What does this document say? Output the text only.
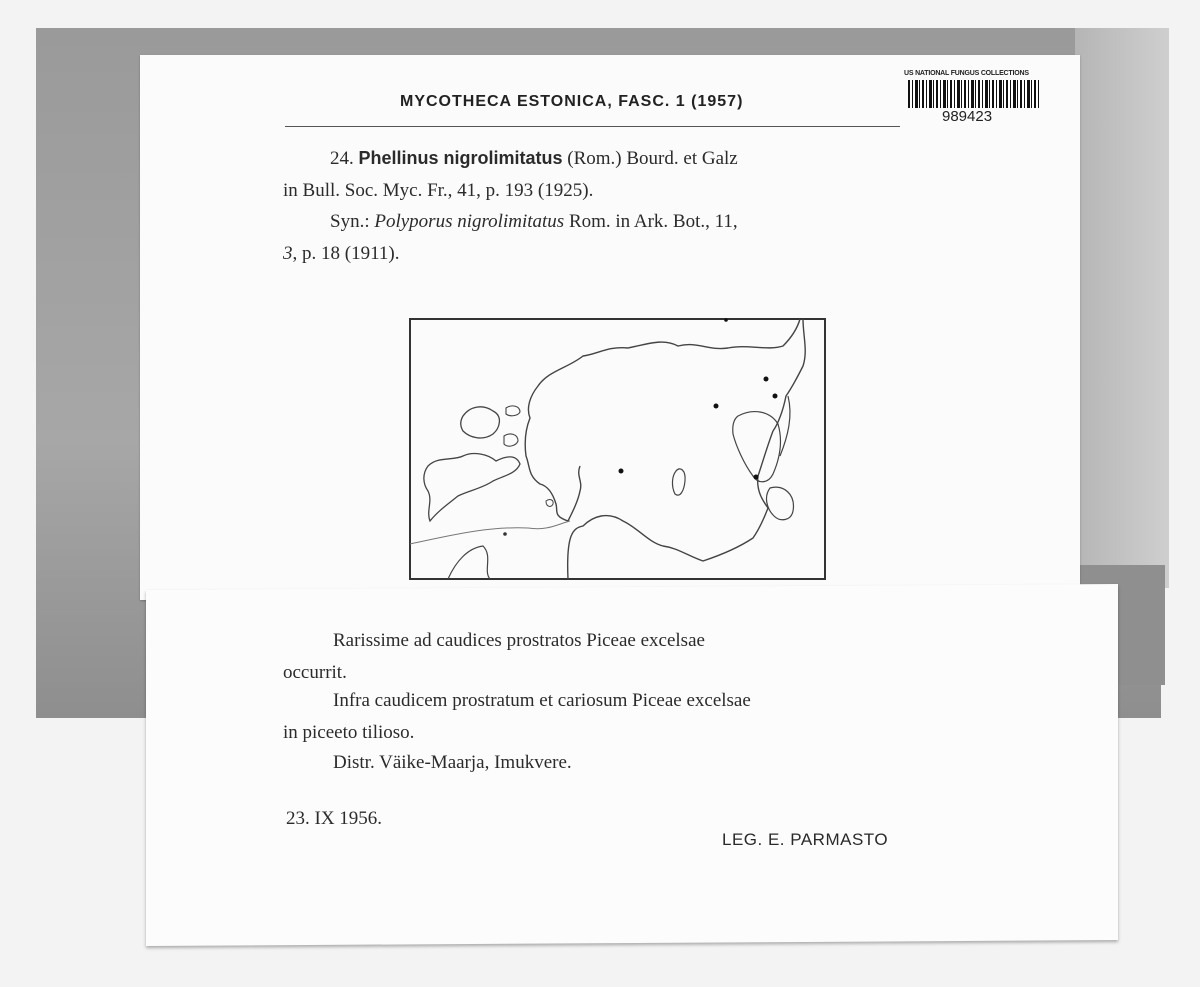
MYCOTHECA ESTONICA, FASC. 1 (1957)
US NATIONAL FUNGUS COLLECTIONS
989423
24. Phellinus nigrolimitatus (Rom.) Bourd. et Galz
in Bull. Soc. Myc. Fr., 41, p. 193 (1925).
Syn.: Polyporus nigrolimitatus Rom. in Ark. Bot., 11,
3, p. 18 (1911).
Rarissime ad caudices prostratos Piceae excelsae
occurrit.
Infra caudicem prostratum et cariosum Piceae excelsae
in piceeto tilioso.
Distr. Väike-Maarja, Imukvere.
23. IX 1956.
LEG. E. PARMASTO
